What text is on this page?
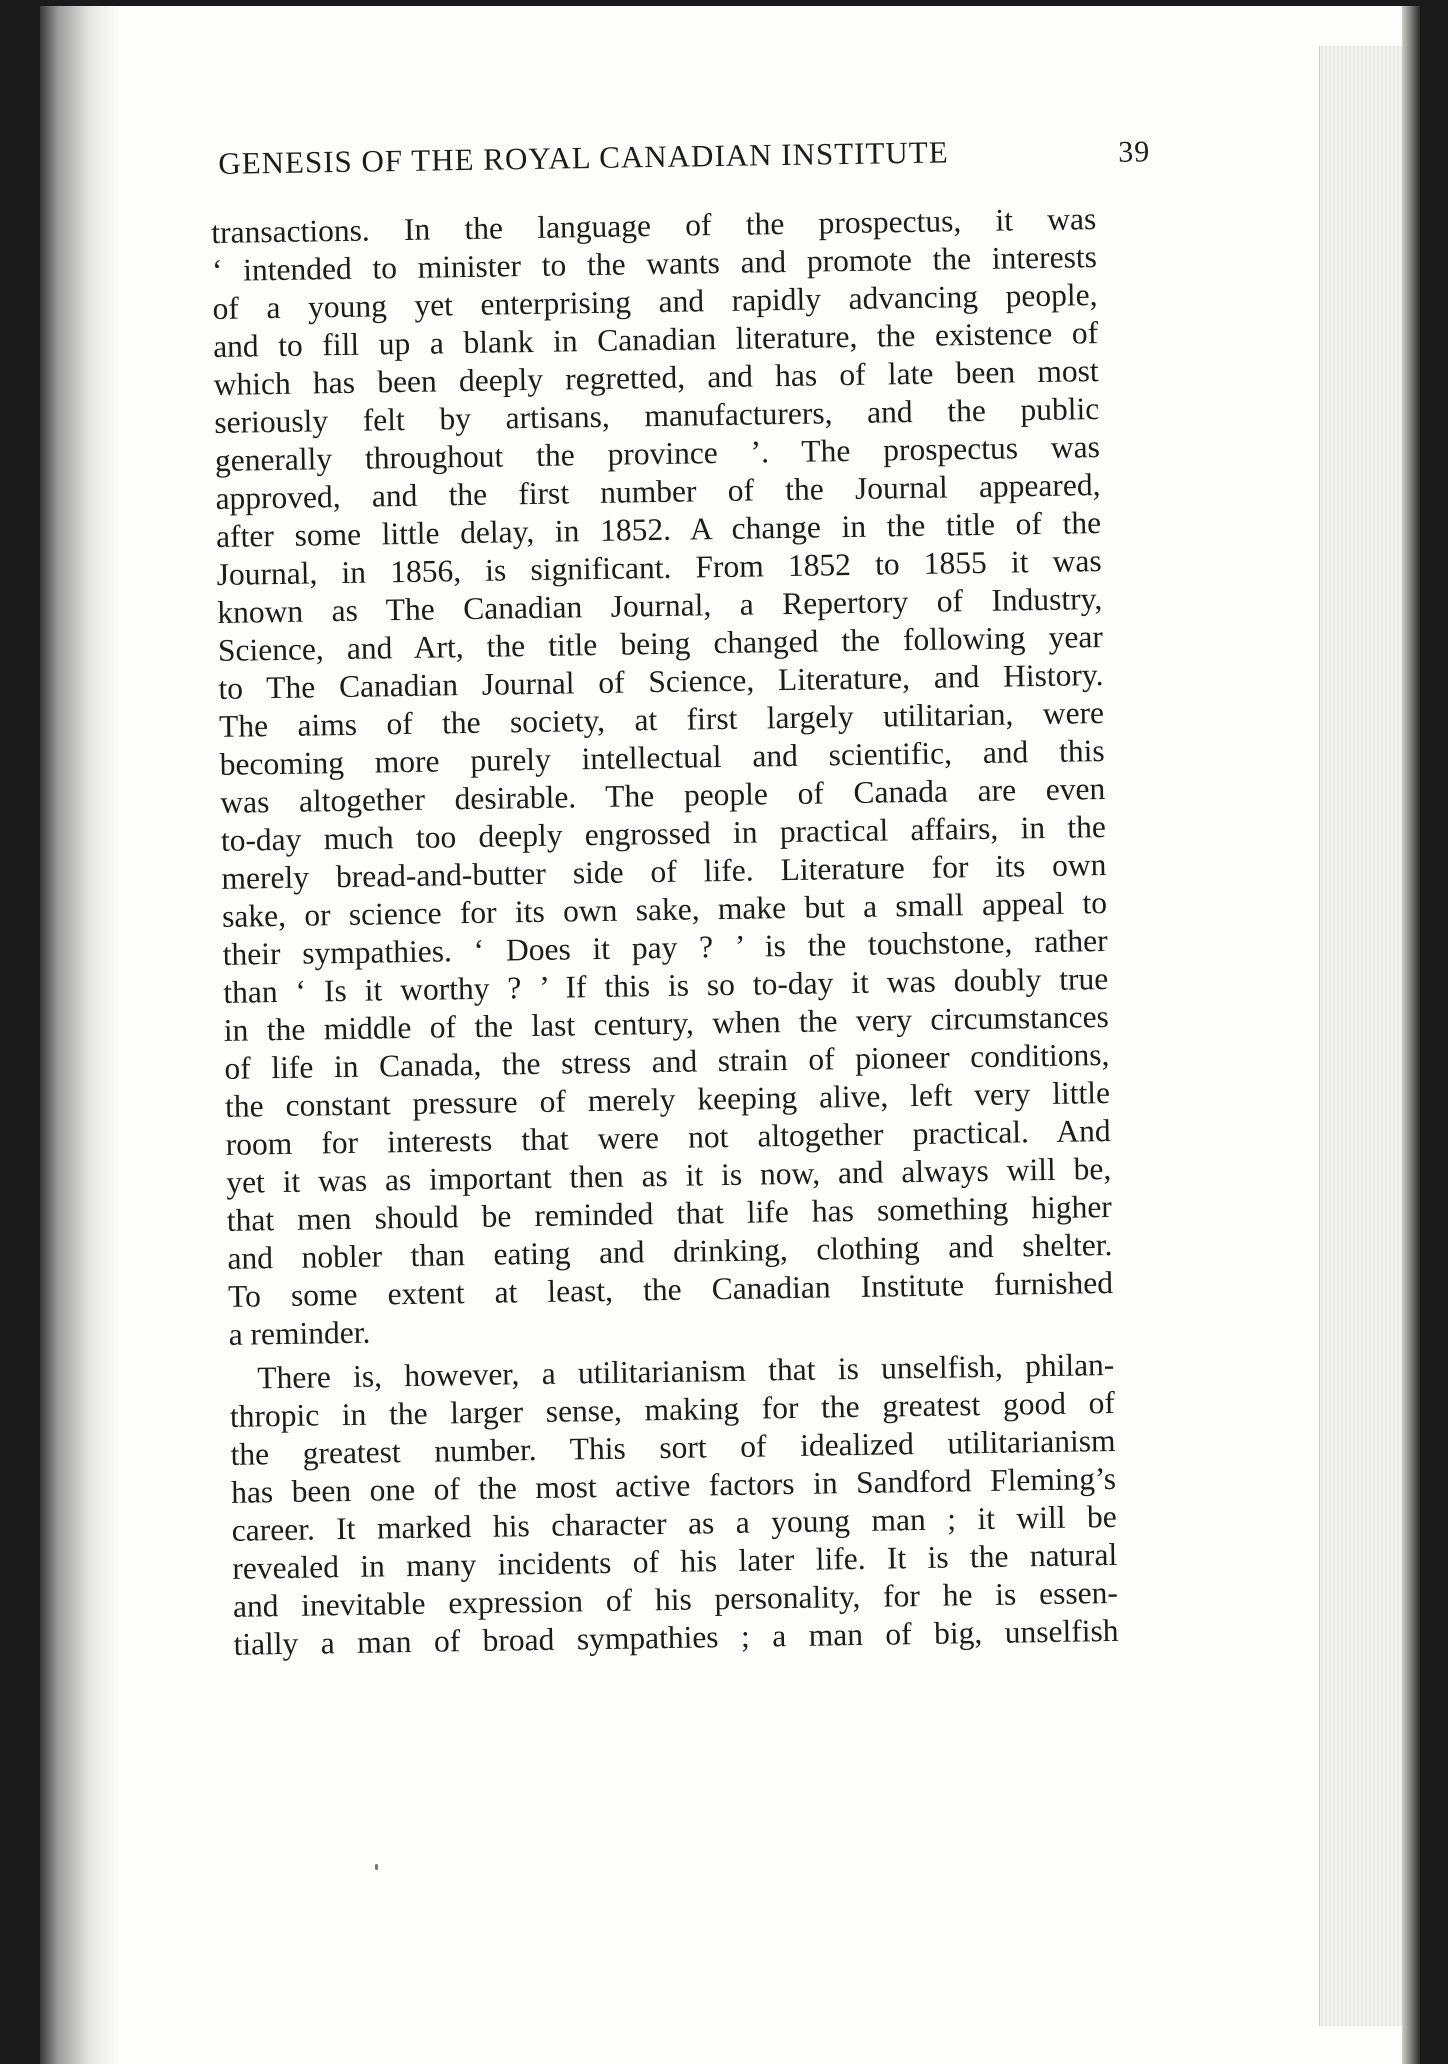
GENESIS OF THE ROYAL CANADIAN INSTITUTE	39
transactions. In the language of the prospectus, it was
‘ intended to minister to the wants and promote the interests
of a young yet enterprising and rapidly advancing people,
and to fill up a blank in Canadian literature, the existence of
which has been deeply regretted, and has of late been most
seriously felt by artisans, manufacturers, and the public
generally throughout the province ’. The prospectus was
approved, and the first number of the Journal appeared,
after some little delay, in 1852. A change in the title of the
Journal, in 1856, is significant. From 1852 to 1855 it was
known as The Canadian Journal, a Repertory of Industry,
Science, and Art, the title being changed the following year
to The Canadian Journal of Science, Literature, and History.
The aims of the society, at first largely utilitarian, were
becoming more purely intellectual and scientific, and this
was altogether desirable. The people of Canada are even
to-day much too deeply engrossed in practical affairs, in the
merely bread-and-butter side of life. Literature for its own
sake, or science for its own sake, make but a small appeal to
their sympathies. ‘ Does it pay ? ’ is the touchstone, rather
than ‘ Is it worthy ? ’ If this is so to-day it was doubly true
in the middle of the last century, when the very circumstances
of life in Canada, the stress and strain of pioneer conditions,
the constant pressure of merely keeping alive, left very little
room for interests that were not altogether practical. And
yet it was as important then as it is now, and always will be,
that men should be reminded that life has something higher
and nobler than eating and drinking, clothing and shelter.
To some extent at least, the Canadian Institute furnished
a reminder.
There is, however, a utilitarianism that is unselfish, philan-
thropic in the larger sense, making for the greatest good of
the greatest number. This sort of idealized utilitarianism
has been one of the most active factors in Sandford Fleming’s
career. It marked his character as a young man ; it will be
revealed in many incidents of his later life. It is the natural
and inevitable expression of his personality, for he is essen-
tially a man of broad sympathies ; a man of big, unselfish
